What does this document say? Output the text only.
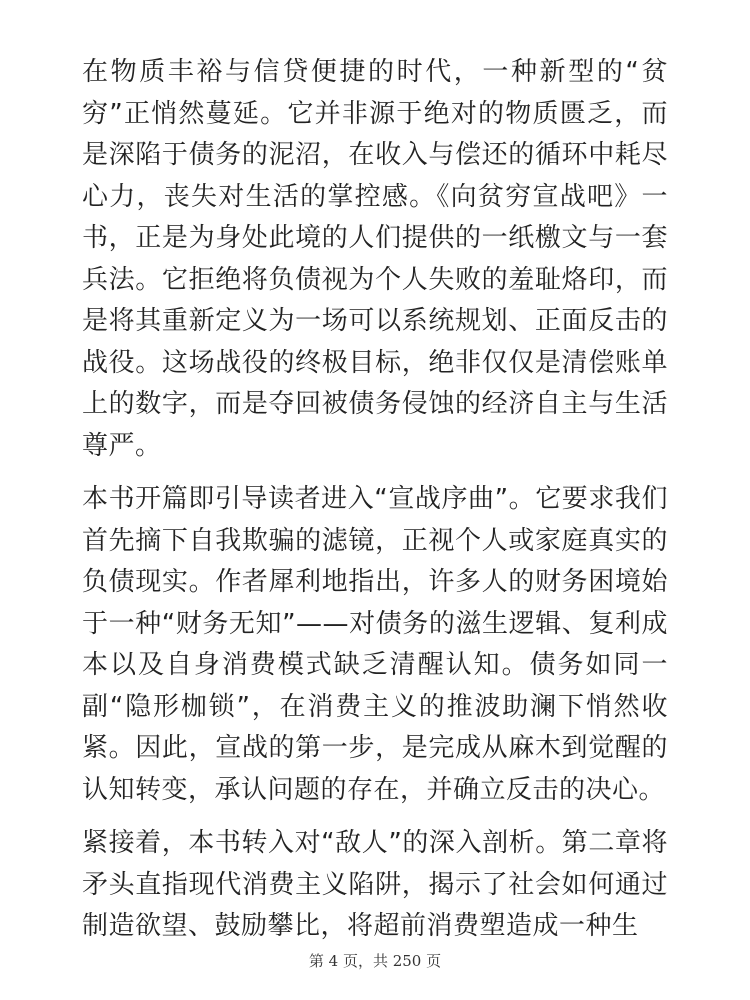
在物质丰裕与信贷便捷的时代，一种新型的“贫穷”正悄然蔓延。它并非源于绝对的物质匮乏，而是深陷于债务的泥沼，在收入与偿还的循环中耗尽心力，丧失对生活的掌控感。《向贫穷宣战吧》一书，正是为身处此境的人们提供的一纸檄文与一套兵法。它拒绝将负债视为个人失败的羞耻烙印，而是将其重新定义为一场可以系统规划、正面反击的战役。这场战役的终极目标，绝非仅仅是清偿账单上的数字，而是夺回被债务侵蚀的经济自主与生活尊严。

本书开篇即引导读者进入“宣战序曲”。它要求我们首先摘下自我欺骗的滤镜，正视个人或家庭真实的负债现实。作者犀利地指出，许多人的财务困境始于一种“财务无知”——对债务的滋生逻辑、复利成本以及自身消费模式缺乏清醒认知。债务如同一副“隐形枷锁”，在消费主义的推波助澜下悄然收紧。因此，宣战的第一步，是完成从麻木到觉醒的认知转变，承认问题的存在，并确立反击的决心。

紧接着，本书转入对“敌人”的深入剖析。第二章将矛头直指现代消费主义陷阱，揭示了社会如何通过制造欲望、鼓励攀比，将超前消费塑造成一种生

第 4 页，共 250 页
